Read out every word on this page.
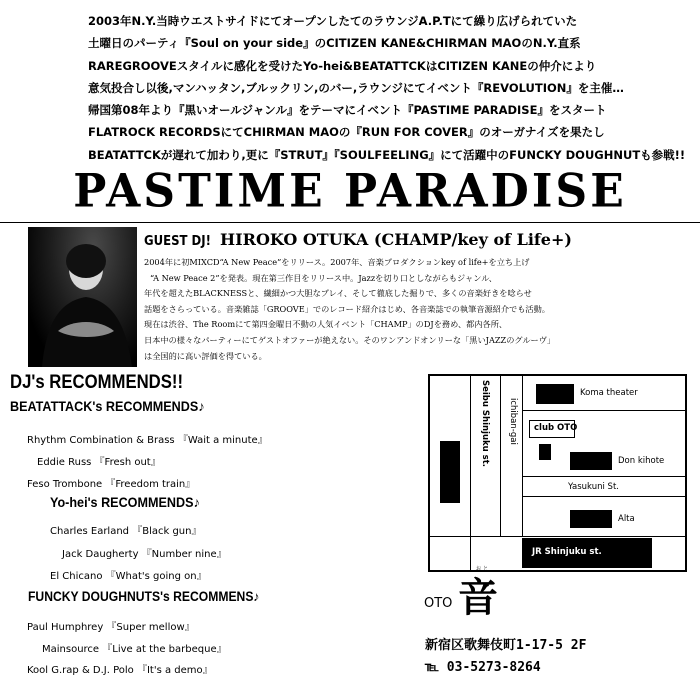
2003年N.Y.当時ウエストサイドにてオープンしたてのラウンジA.P.Tにて繰り広げられていた
土曜日のパーティ『Soul on your side』のCITIZEN KANE&CHIRMAN MAOのN.Y.直系
RAREGROOVEスタイルに感化を受けたYo-hei&BEATATTCKはCITIZEN KANEの仲介により
意気投合し以後,マンハッタン,ブルックリン,のバー,ラウンジにてイベント『REVOLUTION』を主催…
帰国第08年より『黒いオールジャンル』をテーマにイベント『PASTIME PARADISE』をスタート
FLATROCK RECORDSにてCHIRMAN MAOの『RUN FOR COVER』のオーガナイズを果たし
BEATATTCKが遅れて加わり,更に『STRUT』『SOULFEELING』にて活躍中のFUNCKY DOUGHNUTも参戦!!
PASTIME PARADISE
GUEST DJ! HIROKO OTUKA (CHAMP/key of Life+)
2004年に初MIXCD“A New Peace”をリリース。2007年、音楽プロダクションkey of life+を立ち上げ
“A New Peace 2”を発表。現在第三作目をリリース中。Jazzを切り口としながらもジャンル、
年代を超えたBLACKNESSと、繊細かつ大胆なプレイ、そして徹底した掘りで、多くの音楽好きを唸らせ
話題をさらっている。音楽雑誌「GROOVE」でのレコード紹介はじめ、各音楽誌での執筆音源紹介でも活動。
現在は渋谷、The Roomにて第四金曜日不動の人気イベント「CHAMP」のDJを務め、都内各所、
日本中の様々なパーティーにてゲストオファーが絶えない。そのワンアンドオンリーな「黒いJAZZのグルーヴ」
は全国的に高い評価を得ている。
DJ's RECOMMENDS!!
BEATATTACK's RECOMMENDS♪
Rhythm Combination & Brass 『Wait a minute』
Eddie Russ 『Fresh out』
Feso Trombone 『Freedom train』
Yo-hei's RECOMMENDS♪
Charles Earland 『Black gun』
Jack Daugherty 『Number nine』
El Chicano 『What's going on』
FUNCKY DOUGHNUTS's RECOMMENS♪
Paul Humphrey 『Super mellow』
Mainsource 『Live at the barbeque』
Kool G.rap & D.J. Polo 『It's a demo』
Seibu Shinjuku st. ichiban-gai
Koma theater
club OTO
Don kihote
Yasukuni St.
Alta
JR Shinjuku st.
音
おと
OTO
新宿区歌舞伎町1-17-5 2F
℡ 03-5273-8264
